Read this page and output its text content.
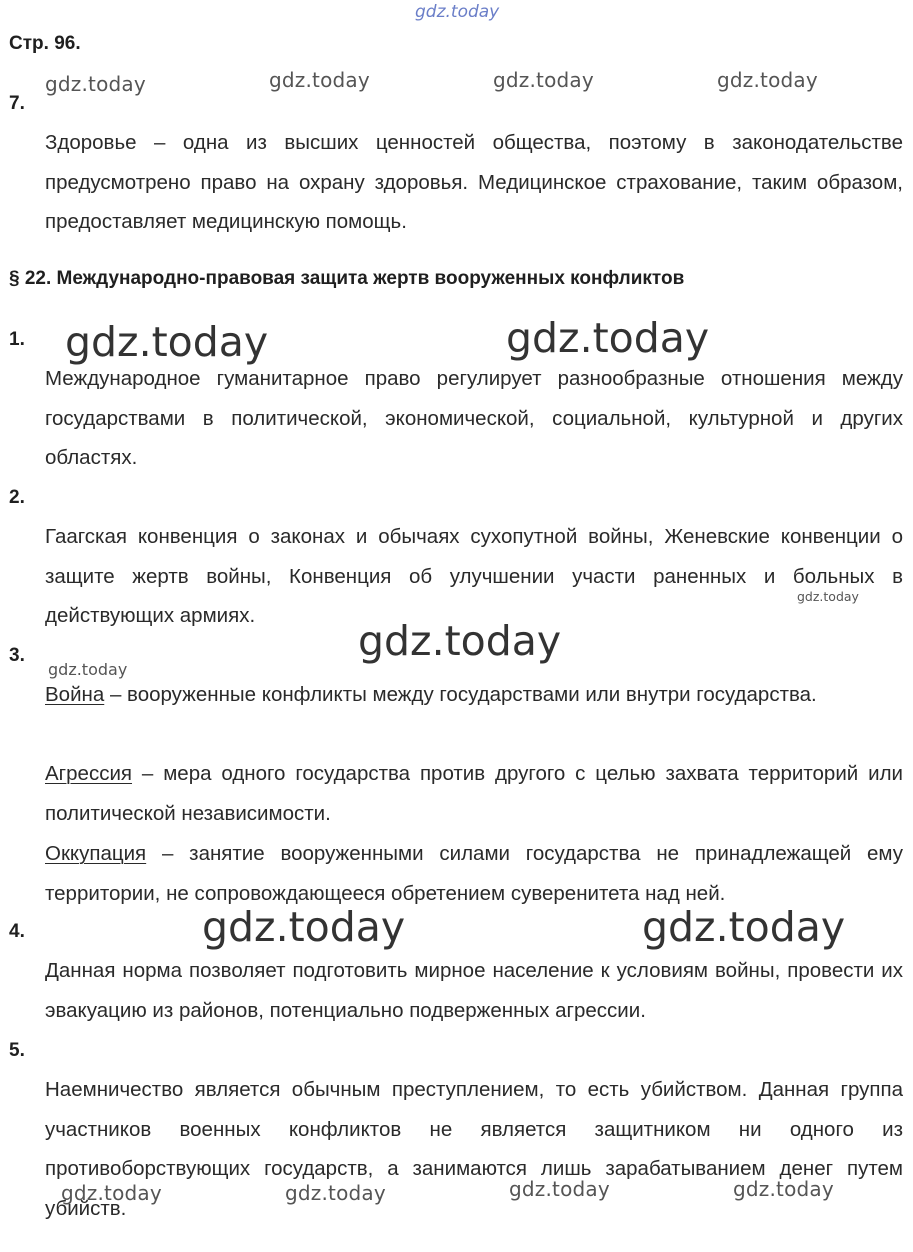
gdz.today
Стр. 96.
7.
Здоровье – одна из высших ценностей общества, поэтому в законодательстве предусмотрено право на охрану здоровья. Медицинское страхование, таким образом, предоставляет медицинскую помощь.
§ 22. Международно-правовая защита жертв вооруженных конфликтов
1.
Международное гуманитарное право регулирует разнообразные отношения между государствами в политической, экономической, социальной, культурной и других областях.
2.
Гаагская конвенция о законах и обычаях сухопутной войны, Женевские конвенции о защите жертв войны, Конвенция об улучшении участи раненных и больных в действующих армиях.
3.
Война – вооруженные конфликты между государствами или внутри государства.
Агрессия – мера одного государства против другого с целью захвата территорий или политической независимости.
Оккупация – занятие вооруженными силами государства не принадлежащей ему территории, не сопровождающееся обретением суверенитета над ней.
4.
Данная норма позволяет подготовить мирное население к условиям войны, провести их эвакуацию из районов, потенциально подверженных агрессии.
5.
Наемничество является обычным преступлением, то есть убийством. Данная группа участников военных конфликтов не является защитником ни одного из противоборствующих государств, а занимаются лишь зарабатыванием денег путем убийств.
gdz.today	gdz.today	gdz.today	gdz.today
gdz.today	gdz.today
gdz.today
gdz.today
gdz.today
gdz.today	gdz.today
gdz.today	gdz.today	gdz.today	gdz.today
